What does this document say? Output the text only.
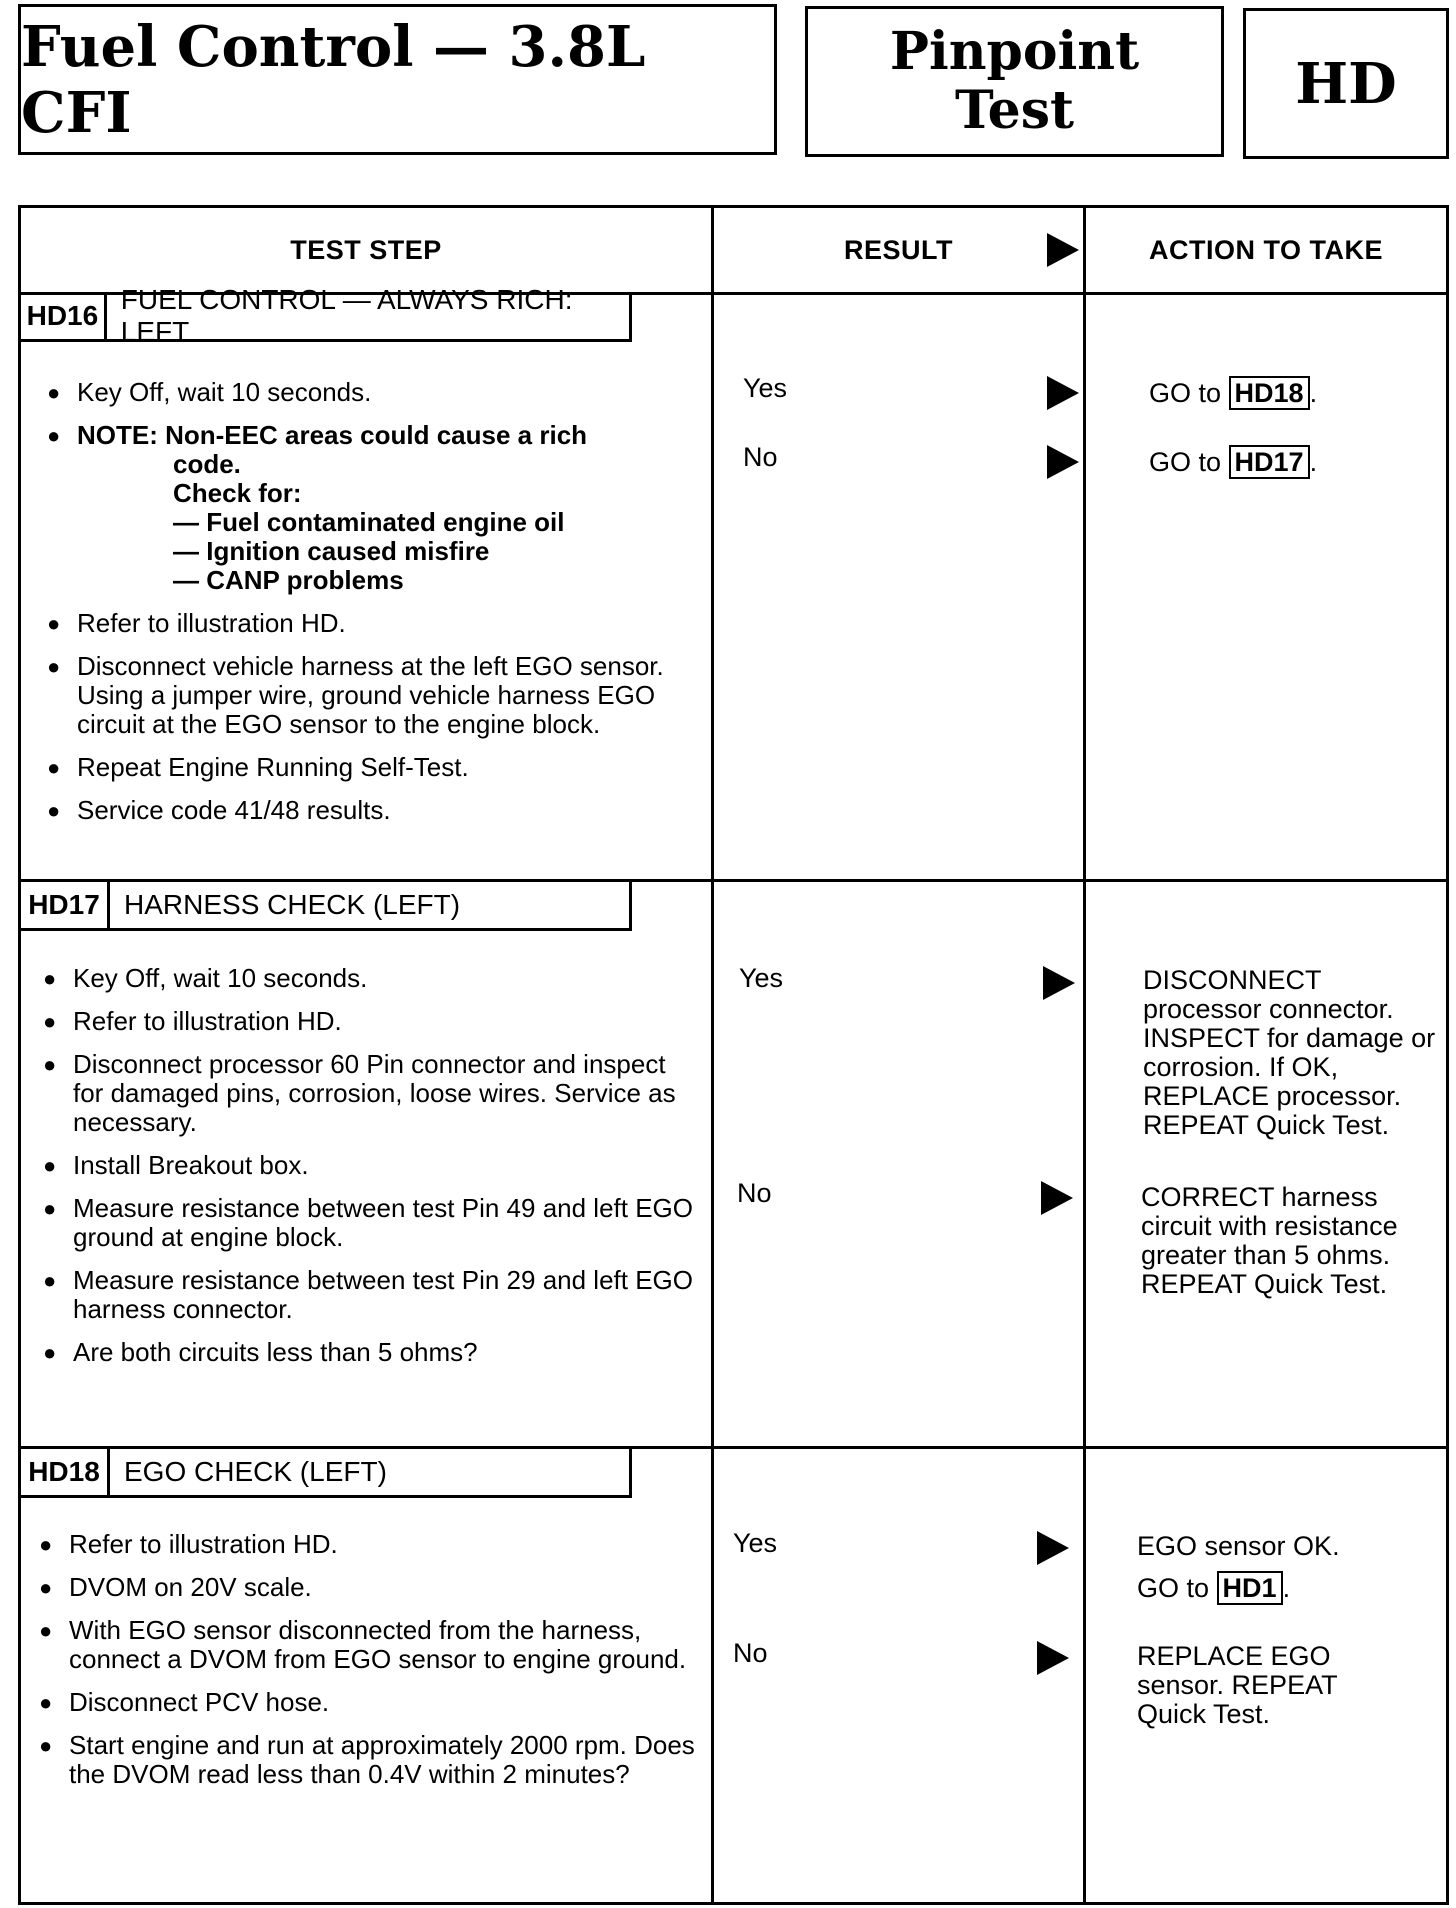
Fuel Control — 3.8L CFI
Pinpoint
Test	HD
TEST STEP	RESULT	ACTION TO TAKE
HD16
FUEL CONTROL — ALWAYS RICH: LEFT
● Key Off, wait 10 seconds.
● NOTE: Non-EEC areas could cause a rich
code.
Check for:
— Fuel contaminated engine oil
— Ignition caused misfire
— CANP problems
● Refer to illustration HD.
● Disconnect vehicle harness at the left EGO sensor. Using a jumper wire, ground vehicle harness EGO circuit at the EGO sensor to the engine block.
● Repeat Engine Running Self-Test.
● Service code 41/48 results.
Yes	GO to HD18 .
No	GO to HD17 .
HD17 HARNESS CHECK (LEFT)
● Key Off, wait 10 seconds.
● Refer to illustration HD.
● Disconnect processor 60 Pin connector and inspect for damaged pins, corrosion, loose wires. Service as necessary.
● Install Breakout box.
● Measure resistance between test Pin 49 and left EGO ground at engine block.
● Measure resistance between test Pin 29 and left EGO harness connector.
● Are both circuits less than 5 ohms?
Yes	DISCONNECT processor connector. INSPECT for damage or corrosion. If OK, REPLACE processor. REPEAT Quick Test.
No	CORRECT harness circuit with resistance greater than 5 ohms. REPEAT Quick Test.
HD18 EGO CHECK (LEFT)
● Refer to illustration HD.
● DVOM on 20V scale.
● With EGO sensor disconnected from the harness, connect a DVOM from EGO sensor to engine ground.
● Disconnect PCV hose.
● Start engine and run at approximately 2000 rpm. Does the DVOM read less than 0.4V within 2 minutes?
Yes	EGO sensor OK.
GO to HD1 .
No	REPLACE EGO sensor. REPEAT Quick Test.
